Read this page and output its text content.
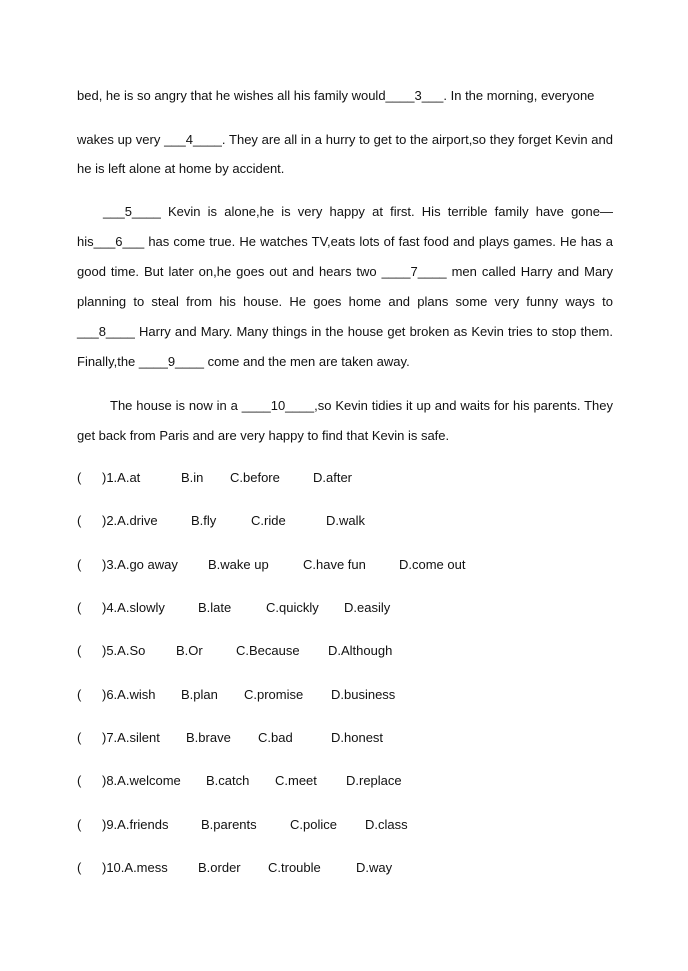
bed, he is so angry that he wishes all his family would____3___. In the morning, everyone

wakes up very ___4____. They are all in a hurry to get to the airport,so they forget Kevin and he is left alone at home by accident.

___5____ Kevin is alone,he is very happy at first. His terrible family have gone—his___6___ has come true. He watches TV,eats lots of fast food and plays games. He has a good time. But later on,he goes out and hears two ____7____ men called Harry and Mary planning to steal from his house. He goes home and plans some very funny ways to ___8____ Harry and Mary. Many things in the house get broken as Kevin tries to stop them. Finally,the ____9____ come and the men are taken away.

The house is now in a ____10____,so Kevin tidies it up and waits for his parents. They get back from Paris and are very happy to find that Kevin is safe.

( )1.A.at	B.in C.before	D.after
( )2.A.drive	B.fly	C.ride	D.walk
( )3.A.go away B.wake up	C.have fun	D.come out
( )4.A.slowly	B.late	C.quickly D.easily
( )5.A.So B.Or	C.Because D.Although
( )6.A.wish B.plan C.promise D.business
( )7.A.silent B.brave C.bad	D.honest
( )8.A.welcome B.catch C.meet D.replace
( )9.A.friends	B.parents	C.police D.class
( )10.A.mess B.order C.trouble	D.way
